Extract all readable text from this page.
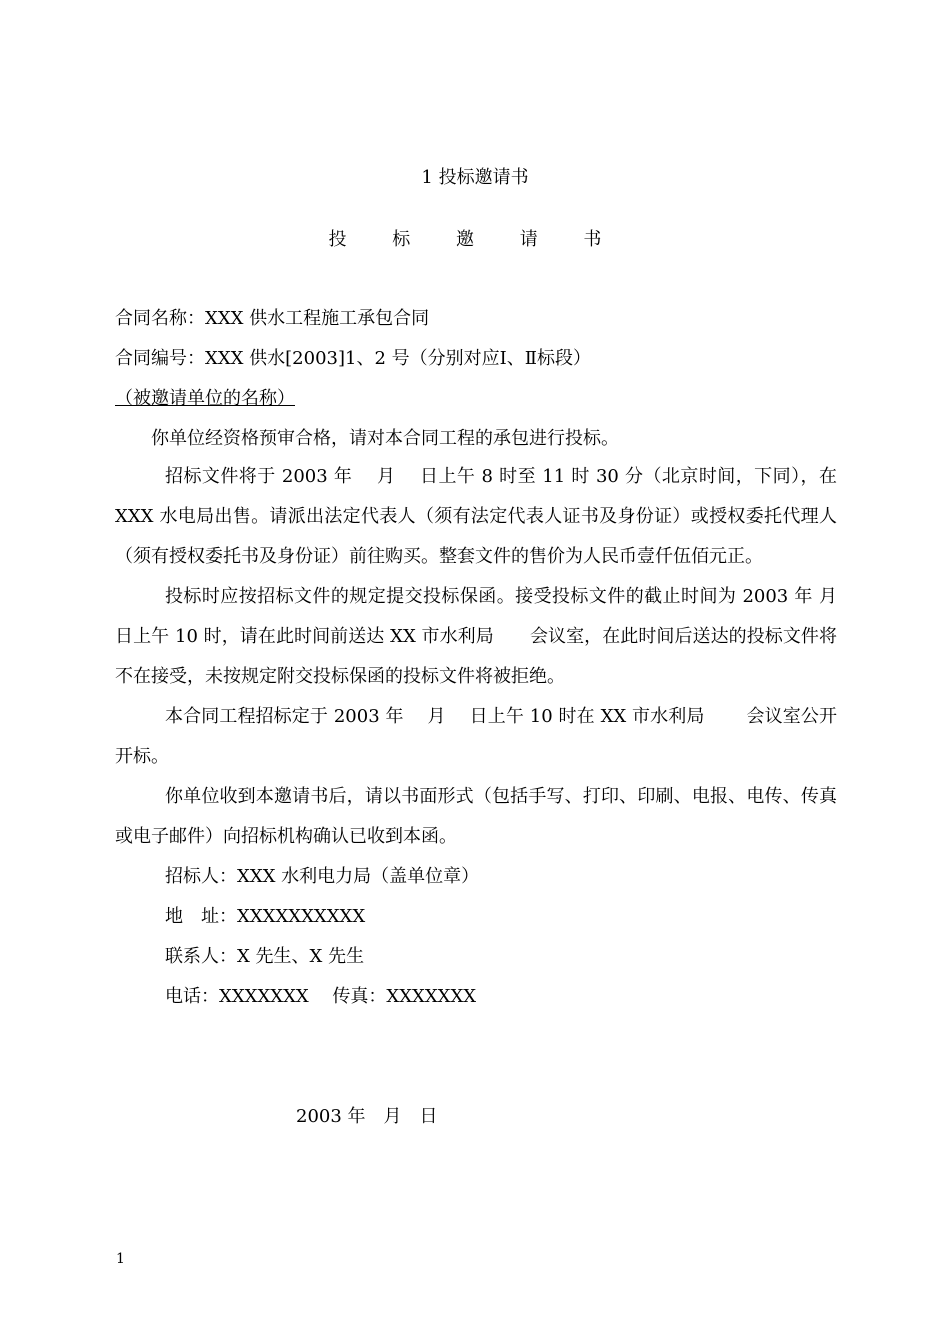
1 投标邀请书
投 标 邀 请 书
合同名称：XXX 供水工程施工承包合同
合同编号：XXX 供水[2003]1、2 号（分别对应Ⅰ、Ⅱ标段）
（被邀请单位的名称）
你单位经资格预审合格，请对本合同工程的承包进行投标。
招标文件将于 2003 年　 月　 日上午 8 时至 11 时 30 分（北京时间，下同），在 XXX 水电局出售。请派出法定代表人（须有法定代表人证书及身份证）或授权委托代理人（须有授权委托书及身份证）前往购买。整套文件的售价为人民币壹仟伍佰元正。
投标时应按招标文件的规定提交投标保函。接受投标文件的截止时间为 2003 年 月　 日上午 10 时，请在此时间前送达 XX 市水利局　　会议室，在此时间后送达的投标文件将不在接受，未按规定附交投标保函的投标文件将被拒绝。
本合同工程招标定于 2003 年　 月　 日上午 10 时在 XX 市水利局　　 会议室公开开标。
你单位收到本邀请书后，请以书面形式（包括手写、打印、印刷、电报、电传、传真或电子邮件）向招标机构确认已收到本函。
招标人：XXX 水利电力局（盖单位章）
地　址：XXXXXXXXXX
联系人：X 先生、X 先生
电话：XXXXXXX　 传真：XXXXXXX
2003 年　月　日
1
